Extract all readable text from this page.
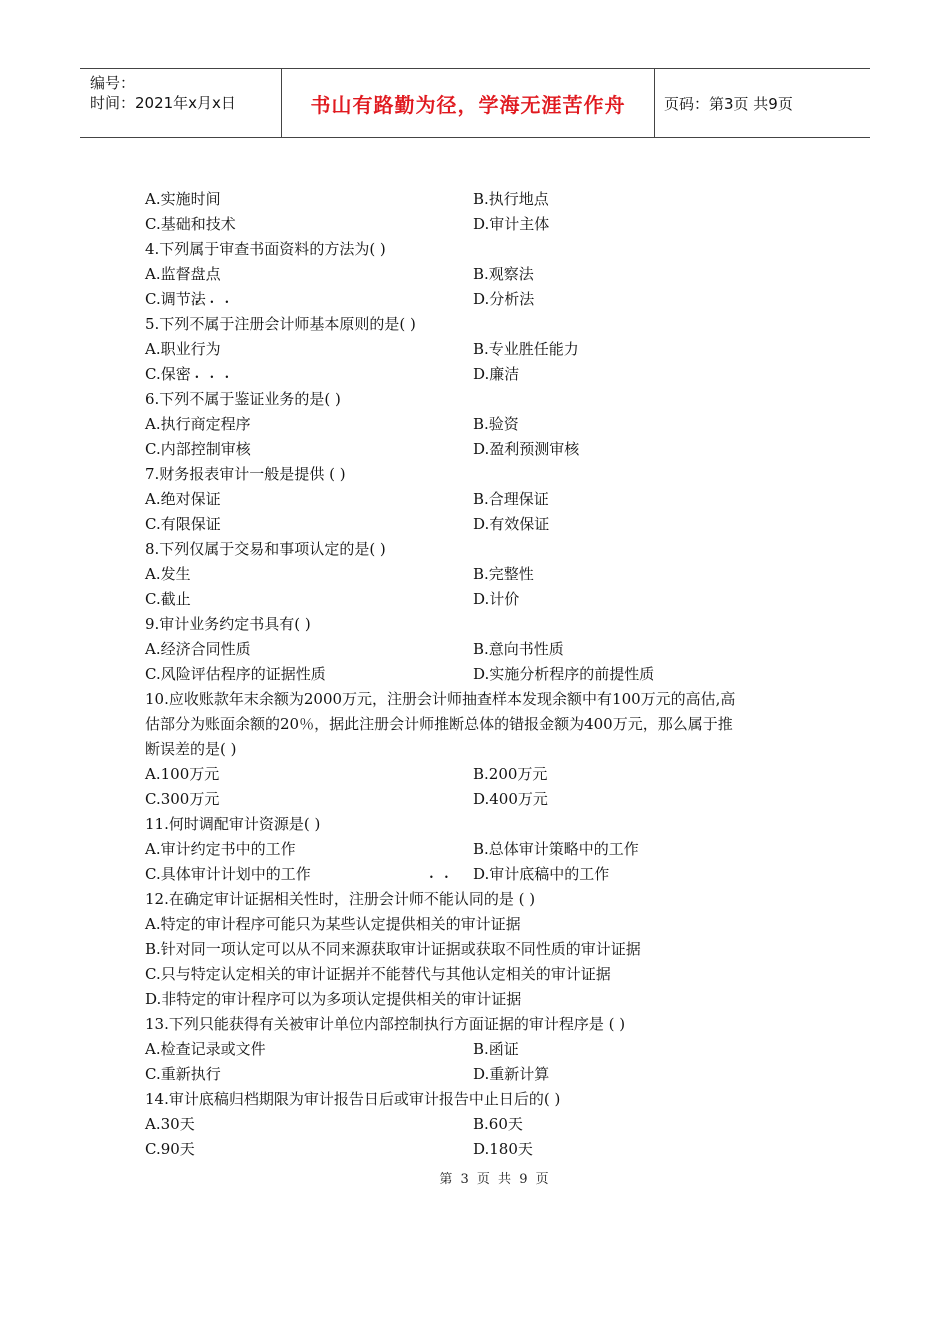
编号：
时间：2021年x月x日	书山有路勤为径，学海无涯苦作舟	页码：第3页 共9页
A.实施时间	B.执行地点
C.基础和技术	D.审计主体
4.下列属于审查书面资料的方法为( )
A.监督盘点	B.观察法
C.调节法	D.分析法
5.下列不属于注册会计师基本原则的是( )
A.职业行为	B.专业胜任能力
C.保密	D.廉洁
6.下列不属于鉴证业务的是( )
A.执行商定程序	B.验资
C.内部控制审核	D.盈利预测审核
7.财务报表审计一般是提供 ( )
A.绝对保证	B.合理保证
C.有限保证	D.有效保证
8.下列仅属于交易和事项认定的是( )
A.发生	B.完整性
C.截止	D.计价
9.审计业务约定书具有( )
A.经济合同性质	B.意向书性质
C.风险评估程序的证据性质	D.实施分析程序的前提性质
10.应收账款年末余额为2000万元，注册会计师抽查样本发现余额中有100万元的高估,高
估部分为账面余额的20％，据此注册会计师推断总体的错报金额为400万元，那么属于推
断误差的是( )
A.100万元	B.200万元
C.300万元	D.400万元
11.何时调配审计资源是( )
A.审计约定书中的工作	B.总体审计策略中的工作
C.具体审计计划中的工作	D.审计底稿中的工作
12.在确定审计证据相关性时，注册会计师不能认同的是 ( )
A.特定的审计程序可能只为某些认定提供相关的审计证据
B.针对同一项认定可以从不同来源获取审计证据或获取不同性质的审计证据
C.只与特定认定相关的审计证据并不能替代与其他认定相关的审计证据
D.非特定的审计程序可以为多项认定提供相关的审计证据
13.下列只能获得有关被审计单位内部控制执行方面证据的审计程序是 ( )
A.检查记录或文件	B.函证
C.重新执行	D.重新计算
14.审计底稿归档期限为审计报告日后或审计报告中止日后的( )
A.30天	B.60天
C.90天	D.180天
第 3 页 共 9 页
